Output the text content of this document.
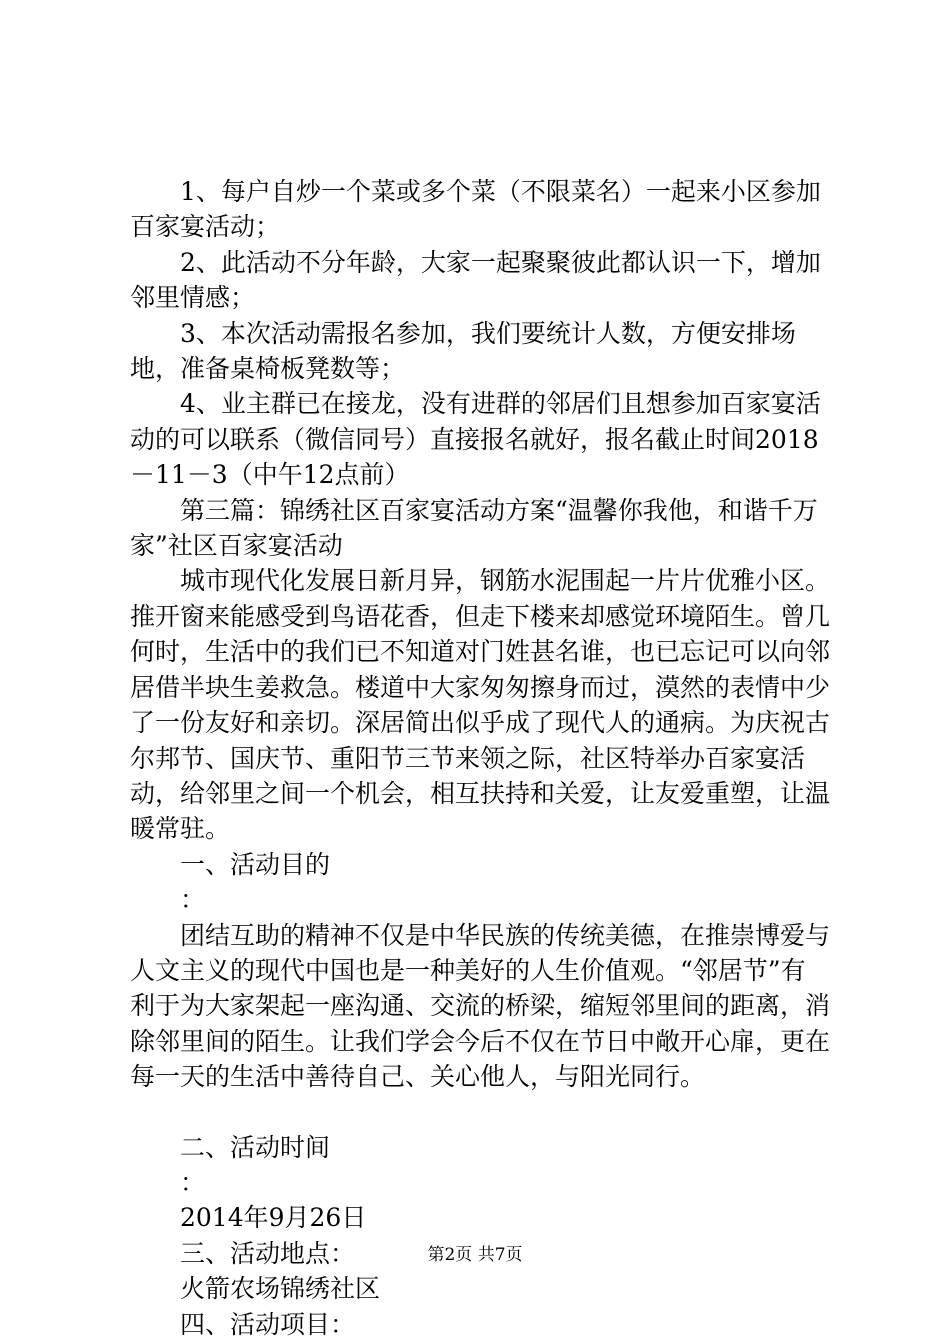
1、每户自炒一个菜或多个菜（不限菜名）一起来小区参加百家宴活动；

2、此活动不分年龄，大家一起聚聚彼此都认识一下，增加邻里情感；

3、本次活动需报名参加，我们要统计人数，方便安排场地，准备桌椅板凳数等；

4、业主群已在接龙，没有进群的邻居们且想参加百家宴活动的可以联系（微信同号）直接报名就好，报名截止时间2018－11－3（中午12点前）

第三篇：锦绣社区百家宴活动方案“温馨你我他，和谐千万家”社区百家宴活动

城市现代化发展日新月异，钢筋水泥围起一片片优雅小区。推开窗来能感受到鸟语花香，但走下楼来却感觉环境陌生。曾几何时，生活中的我们已不知道对门姓甚名谁，也已忘记可以向邻居借半块生姜救急。楼道中大家匆匆擦身而过，漠然的表情中少了一份友好和亲切。深居简出似乎成了现代人的通病。为庆祝古尔邦节、国庆节、重阳节三节来领之际，社区特举办百家宴活动，给邻里之间一个机会，相互扶持和关爱，让友爱重塑，让温暖常驻。

一、活动目的

：

团结互助的精神不仅是中华民族的传统美德，在推崇博爱与人文主义的现代中国也是一种美好的人生价值观。“邻居节”有利于为大家架起一座沟通、交流的桥梁，缩短邻里间的距离，消除邻里间的陌生。让我们学会今后不仅在节日中敞开心扉，更在每一天的生活中善待自己、关心他人，与阳光同行。

二、活动时间

：

2014年9月26日

三、活动地点：

火箭农场锦绣社区

四、活动项目：

第2页 共7页
